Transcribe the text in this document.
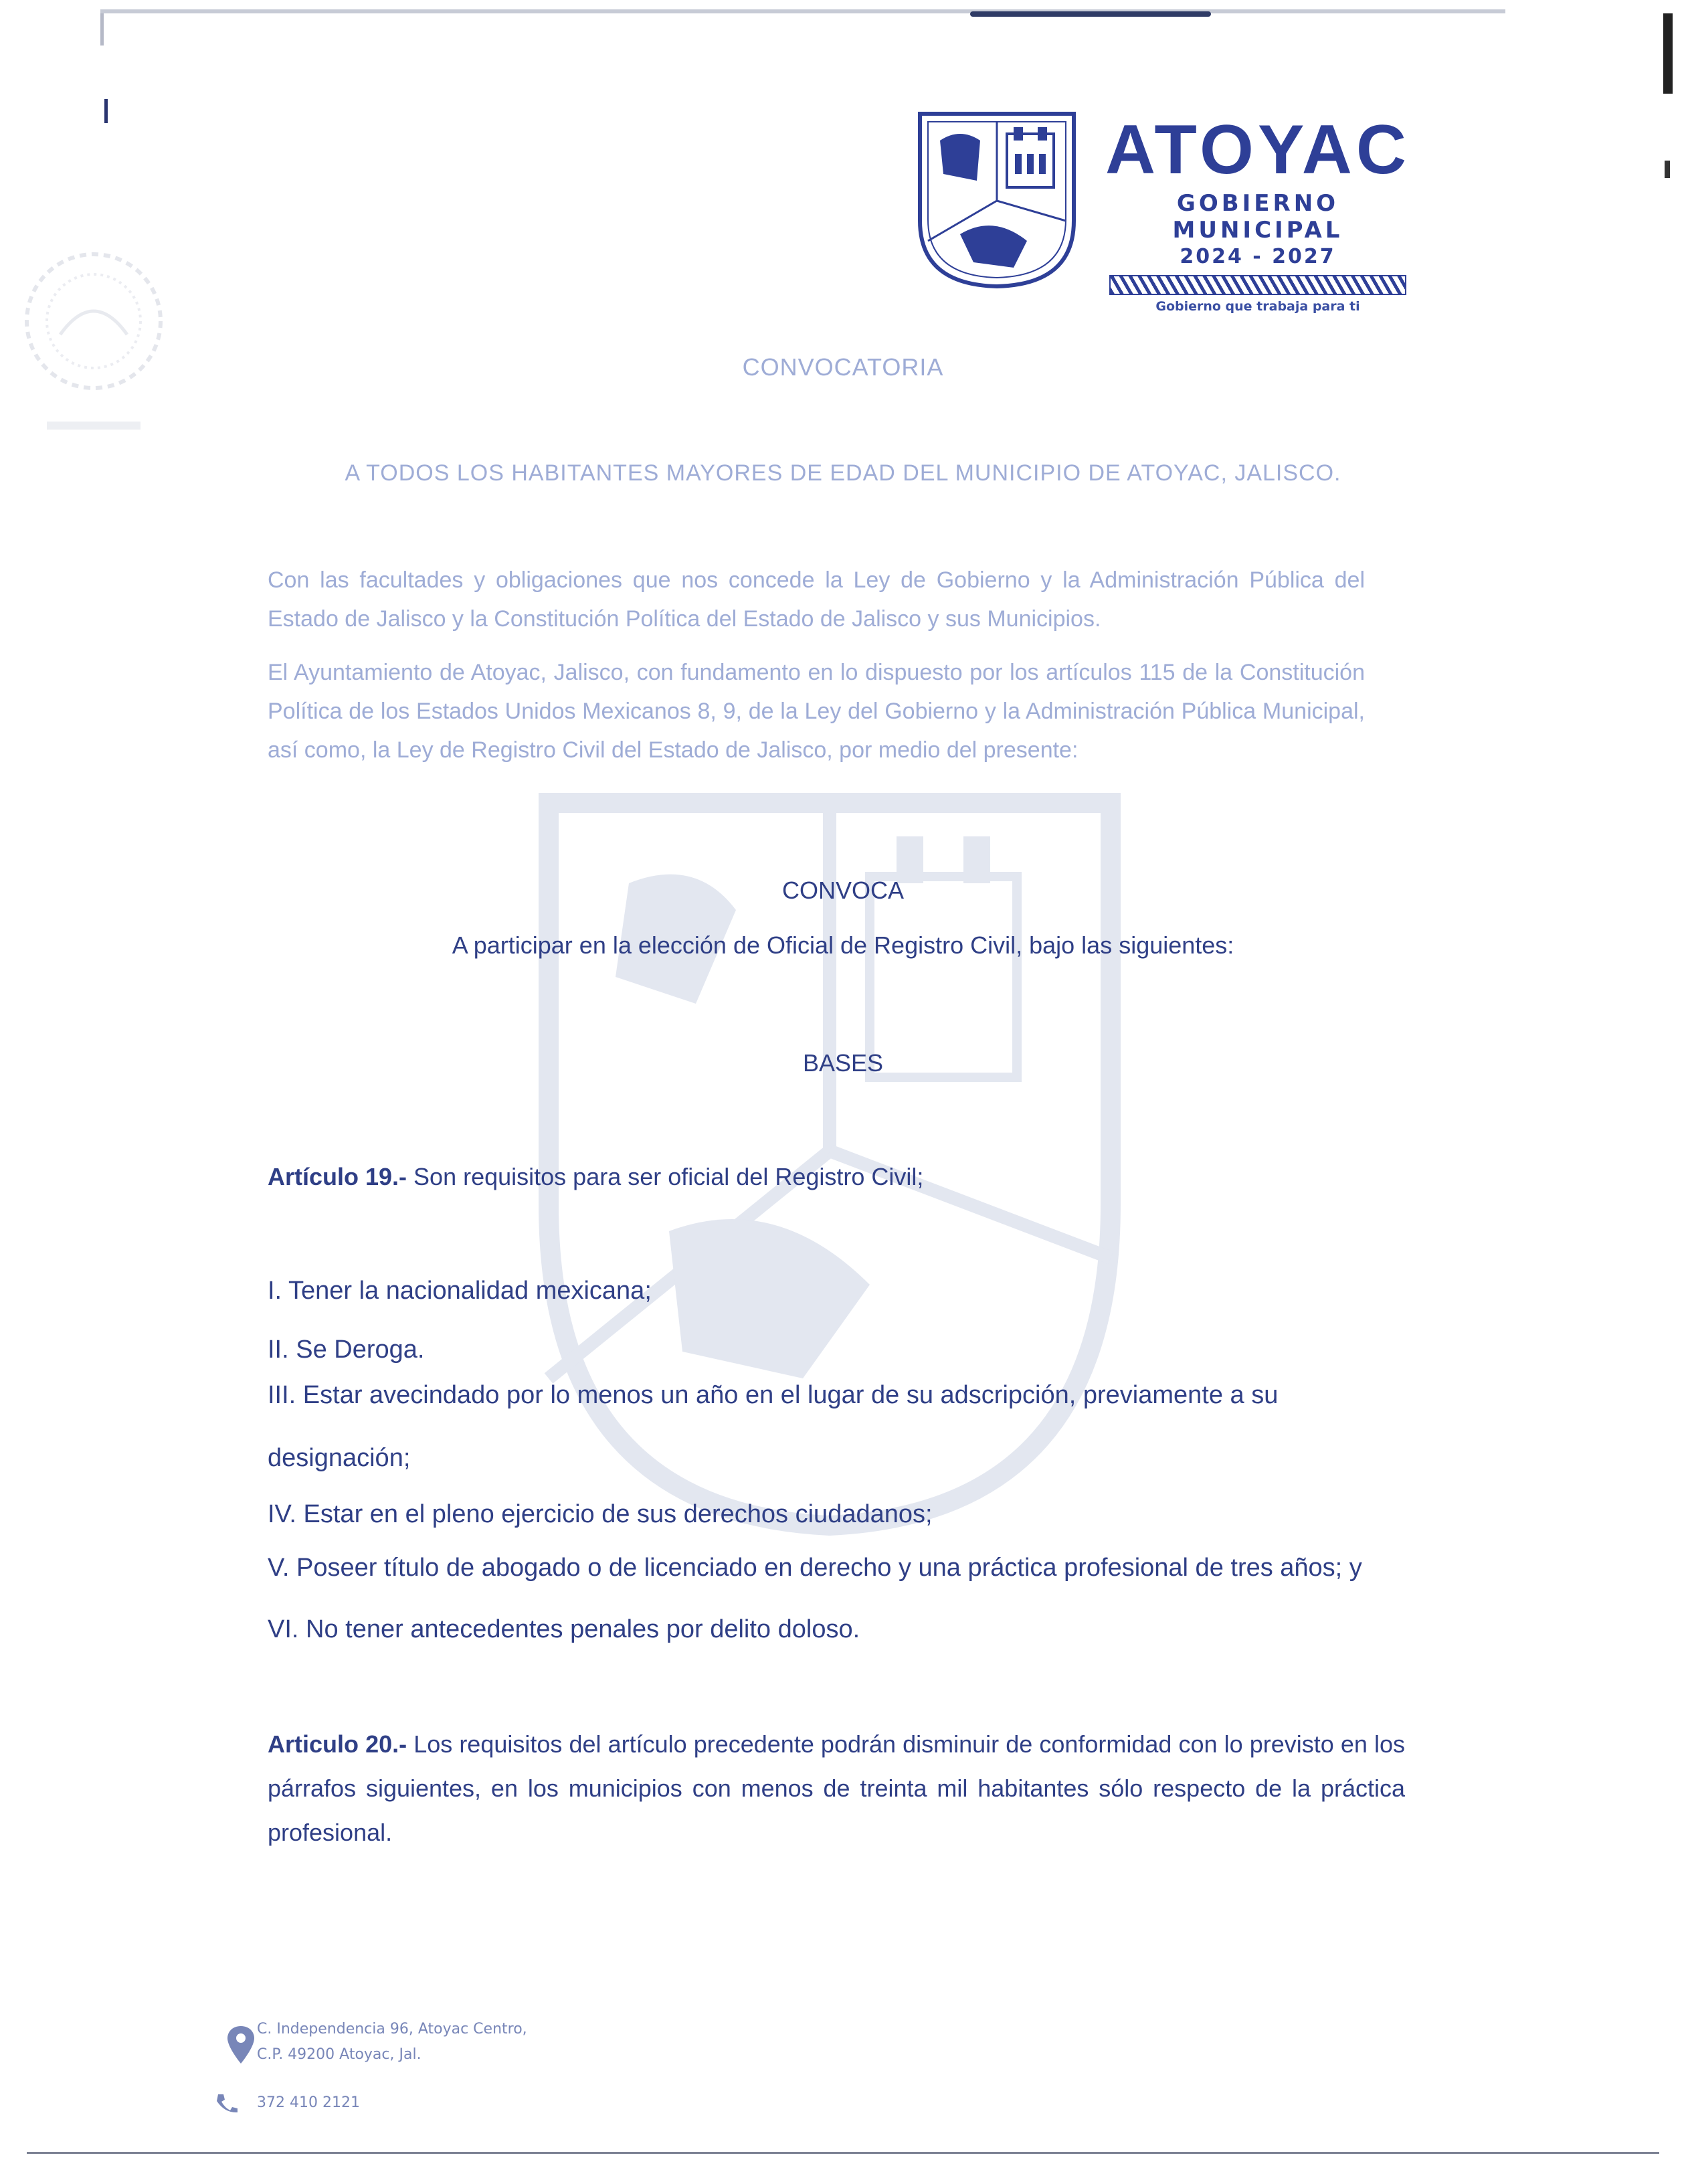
ATOYAC
GOBIERNO MUNICIPAL
2024 - 2027
Gobierno que trabaja para ti
CONVOCATORIA
A TODOS LOS HABITANTES MAYORES DE EDAD DEL MUNICIPIO DE ATOYAC, JALISCO.
Con las facultades y obligaciones que nos concede la Ley de Gobierno y la Administración Pública del Estado de Jalisco y la Constitución Política del Estado de Jalisco y sus Municipios.
El Ayuntamiento de Atoyac, Jalisco, con fundamento en lo dispuesto por los artículos 115 de la Constitución Política de los Estados Unidos Mexicanos 8, 9, de la Ley del Gobierno y la Administración Pública Municipal, así como, la Ley de Registro Civil del Estado de Jalisco, por medio del presente:
CONVOCA
A participar en la elección de Oficial de Registro Civil, bajo las siguientes:
BASES
Artículo 19.- Son requisitos para ser oficial del Registro Civil;
I. Tener la nacionalidad mexicana;
II. Se Deroga.
III. Estar avecindado por lo menos un año en el lugar de su adscripción, previamente a su
designación;
IV. Estar en el pleno ejercicio de sus derechos ciudadanos;
V. Poseer título de abogado o de licenciado en derecho y una práctica profesional de tres años; y
VI. No tener antecedentes penales por delito doloso.
Articulo 20.- Los requisitos del artículo precedente podrán disminuir de conformidad con lo previsto en los párrafos siguientes, en los municipios con menos de treinta mil habitantes sólo respecto de la práctica profesional.
C. Independencia 96, Atoyac Centro,
C.P. 49200 Atoyac, Jal.
372 410 2121
